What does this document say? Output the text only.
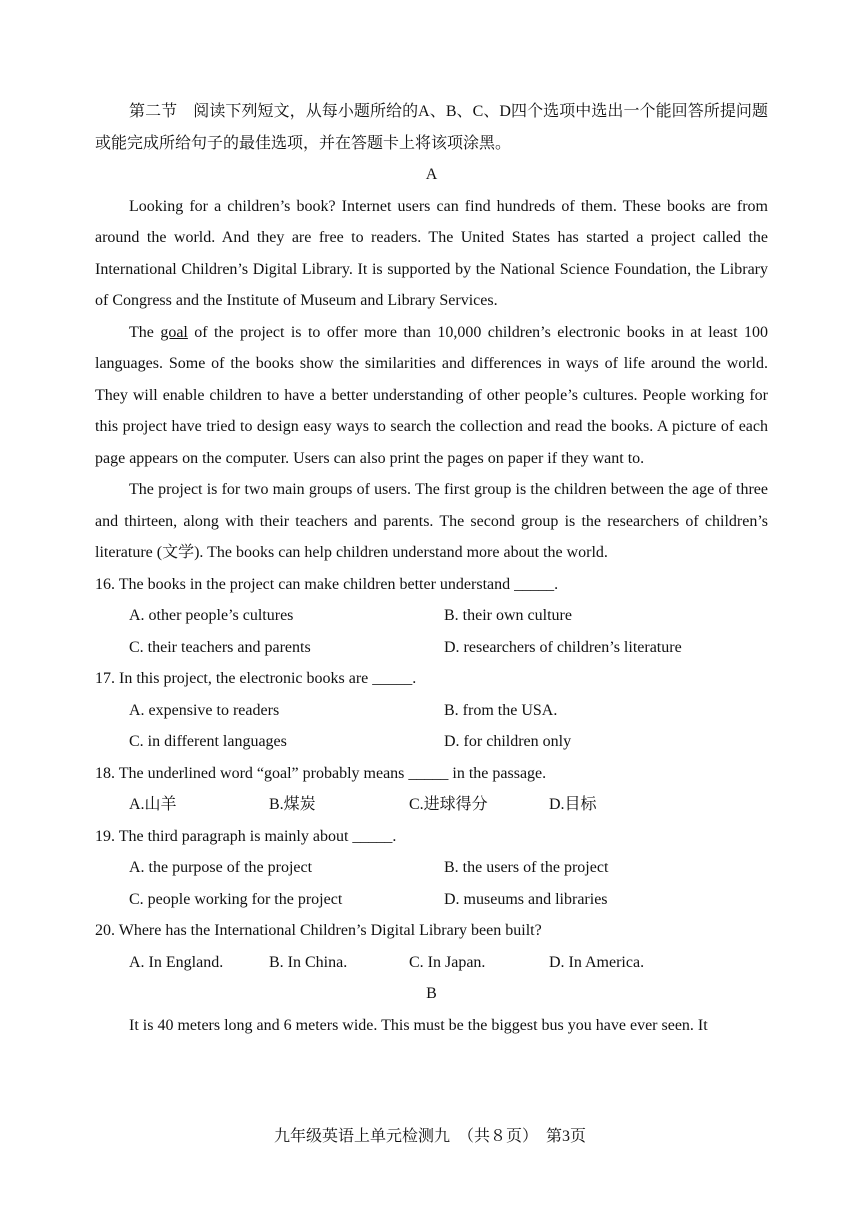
第二节　阅读下列短文，从每小题所给的A、B、C、D四个选项中选出一个能回答所提问题或能完成所给句子的最佳选项，并在答题卡上将该项涂黑。

A

Looking for a children’s book? Internet users can find hundreds of them. These books are from around the world. And they are free to readers. The United States has started a project called the International Children’s Digital Library. It is supported by the National Science Foundation, the Library of Congress and the Institute of Museum and Library Services.

The goal of the project is to offer more than 10,000 children’s electronic books in at least 100 languages. Some of the books show the similarities and differences in ways of life around the world. They will enable children to have a better understanding of other people’s cultures. People working for this project have tried to design easy ways to search the collection and read the books. A picture of each page appears on the computer. Users can also print the pages on paper if they want to.

The project is for two main groups of users. The first group is the children between the age of three and thirteen, along with their teachers and parents. The second group is the researchers of children’s literature (文学). The books can help children understand more about the world.

16. The books in the project can make children better understand _____.

A. other people’s cultures	B. their own culture
C. their teachers and parents	D. researchers of children’s literature

17. In this project, the electronic books are _____.

A. expensive to readers	B. from the USA.
C. in different languages	D. for children only

18. The underlined word “goal” probably means _____ in the passage.

A.山羊	B.煤炭	C.进球得分	D.目标

19. The third paragraph is mainly about _____.

A. the purpose of the project	B. the users of the project
C. people working for the project	D. museums and libraries

20. Where has the International Children’s Digital Library been built?

A. In England.	B. In China.	C. In Japan.	D. In America.

B

It is 40 meters long and 6 meters wide. This must be the biggest bus you have ever seen. It

九年级英语上单元检测九　（共８页）　第3页
